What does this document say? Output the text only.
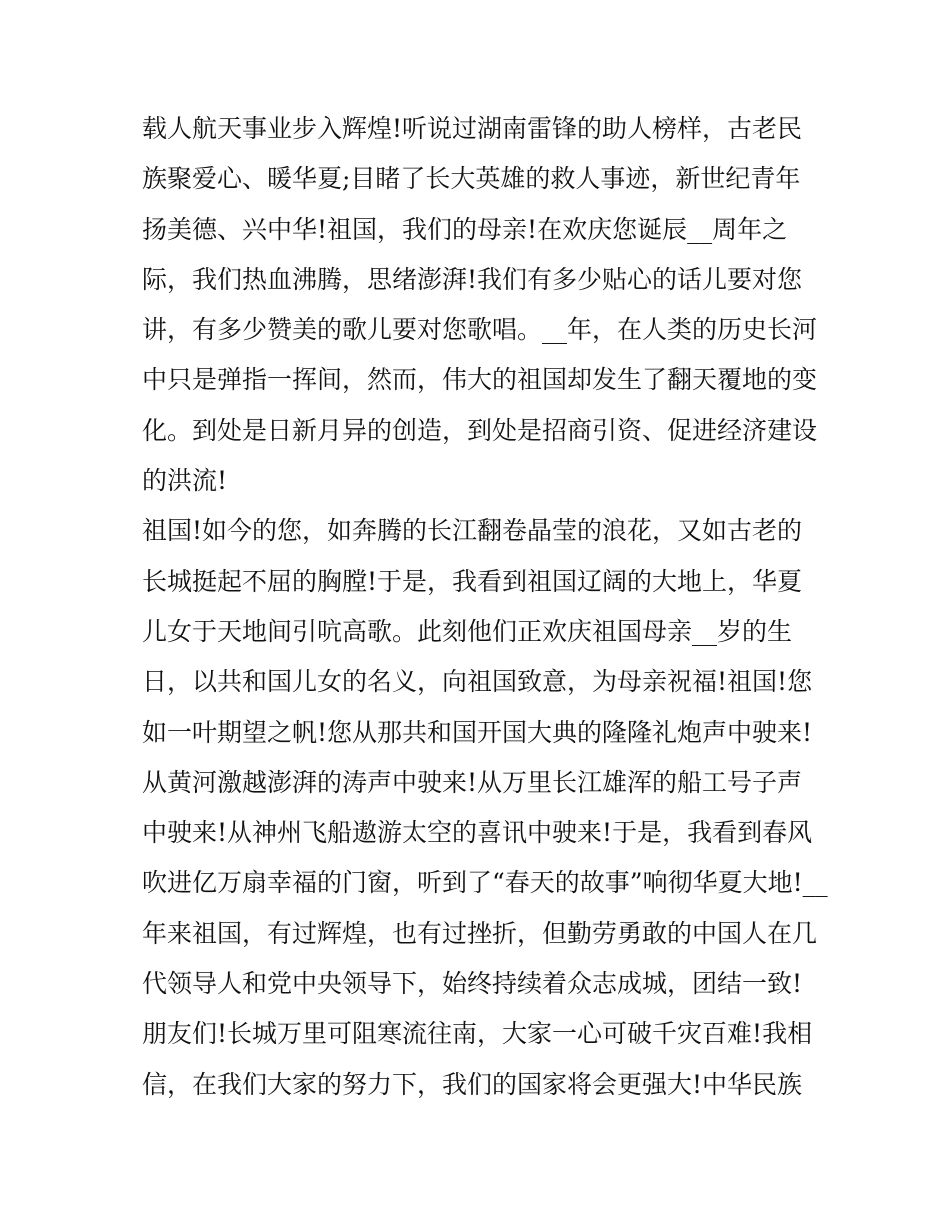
载人航天事业步入辉煌!听说过湖南雷锋的助人榜样，古老民
族聚爱心、暖华夏;目睹了长大英雄的救人事迹，新世纪青年
扬美德、兴中华!祖国，我们的母亲!在欢庆您诞辰__周年之
际，我们热血沸腾，思绪澎湃!我们有多少贴心的话儿要对您
讲，有多少赞美的歌儿要对您歌唱。__年，在人类的历史长河
中只是弹指一挥间，然而，伟大的祖国却发生了翻天覆地的变
化。到处是日新月异的创造，到处是招商引资、促进经济建设
的洪流!
祖国!如今的您，如奔腾的长江翻卷晶莹的浪花，又如古老的
长城挺起不屈的胸膛!于是，我看到祖国辽阔的大地上，华夏
儿女于天地间引吭高歌。此刻他们正欢庆祖国母亲__岁的生
日，以共和国儿女的名义，向祖国致意，为母亲祝福!祖国!您
如一叶期望之帆!您从那共和国开国大典的隆隆礼炮声中驶来!
从黄河激越澎湃的涛声中驶来!从万里长江雄浑的船工号子声
中驶来!从神州飞船遨游太空的喜讯中驶来!于是，我看到春风
吹进亿万扇幸福的门窗，听到了“春天的故事”响彻华夏大地!__
年来祖国，有过辉煌，也有过挫折，但勤劳勇敢的中国人在几
代领导人和党中央领导下，始终持续着众志成城，团结一致!
朋友们!长城万里可阻寒流往南，大家一心可破千灾百难!我相
信，在我们大家的努力下，我们的国家将会更强大!中华民族
